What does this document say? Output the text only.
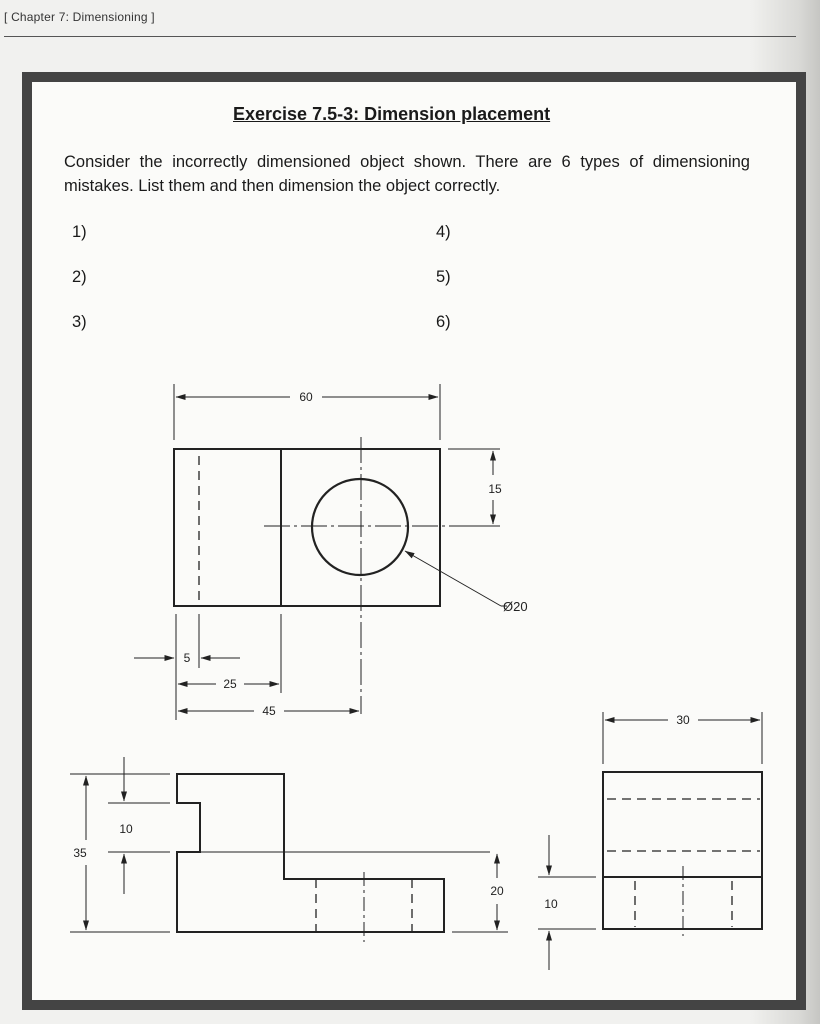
[ Chapter 7: Dimensioning ]
Exercise 7.5-3: Dimension placement
Consider the incorrectly dimensioned object shown. There are 6 types of dimensioning mistakes. List them and then dimension the object correctly.
1)
2)
3)
4)
5)
6)
60
15
Ø20
5
25
45
10
35
20
30
10
